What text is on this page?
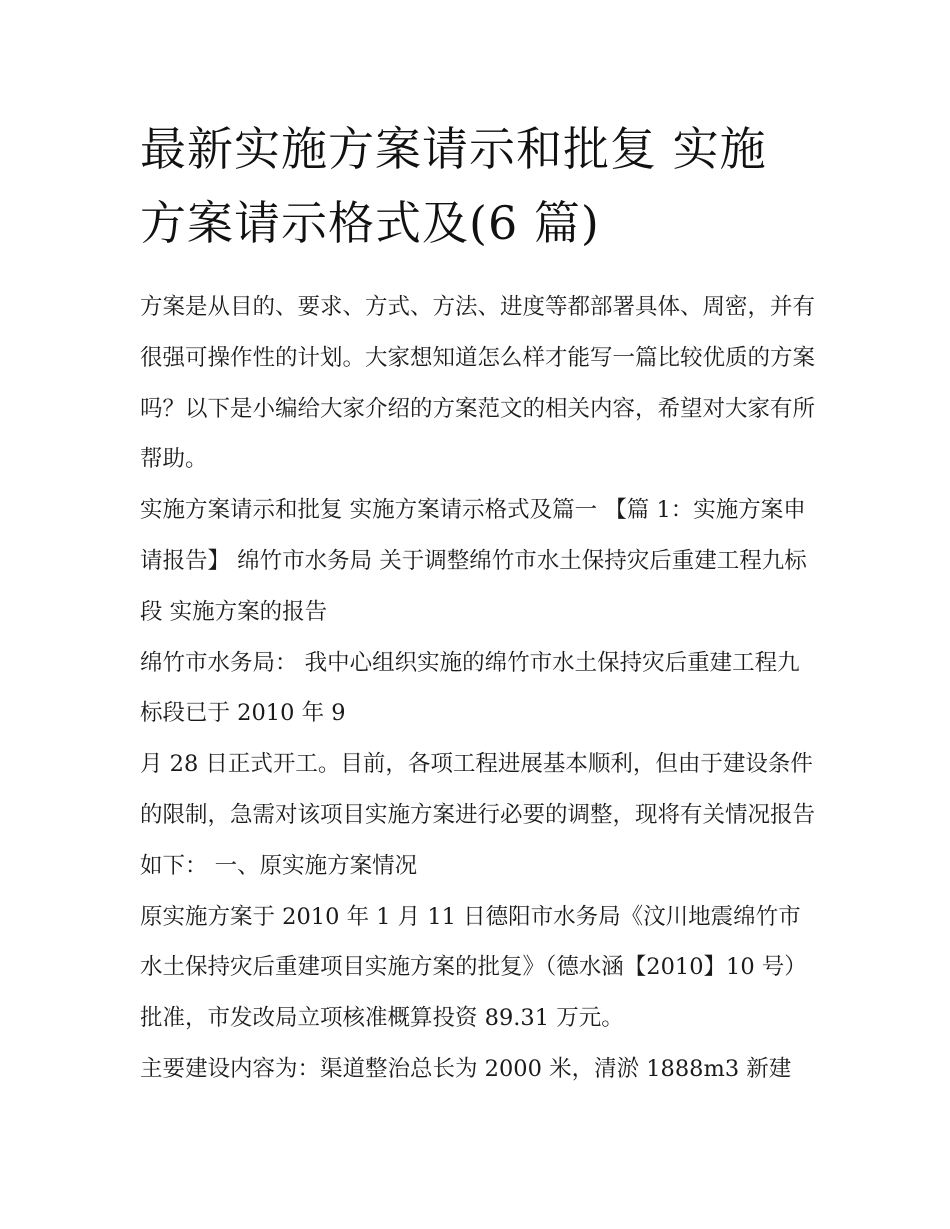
最新实施方案请示和批复 实施
方案请示格式及(6 篇)

方案是从目的、要求、方式、方法、进度等都部署具体、周密，并有很强可操作性的计划。大家想知道怎么样才能写一篇比较优质的方案吗？以下是小编给大家介绍的方案范文的相关内容，希望对大家有所帮助。

实施方案请示和批复 实施方案请示格式及篇一 【篇 1：实施方案申请报告】 绵竹市水务局 关于调整绵竹市水土保持灾后重建工程九标段 实施方案的报告

绵竹市水务局： 我中心组织实施的绵竹市水土保持灾后重建工程九标段已于 2010 年 9

月 28 日正式开工。目前，各项工程进展基本顺利，但由于建设条件的限制，急需对该项目实施方案进行必要的调整，现将有关情况报告如下： 一、原实施方案情况

原实施方案于 2010 年 1 月 11 日德阳市水务局《汶川地震绵竹市水土保持灾后重建项目实施方案的批复》（德水涵【2010】10 号）批准，市发改局立项核准概算投资 89.31 万元。

主要建设内容为：渠道整治总长为 2000 米，清淤 1888m3 新建
